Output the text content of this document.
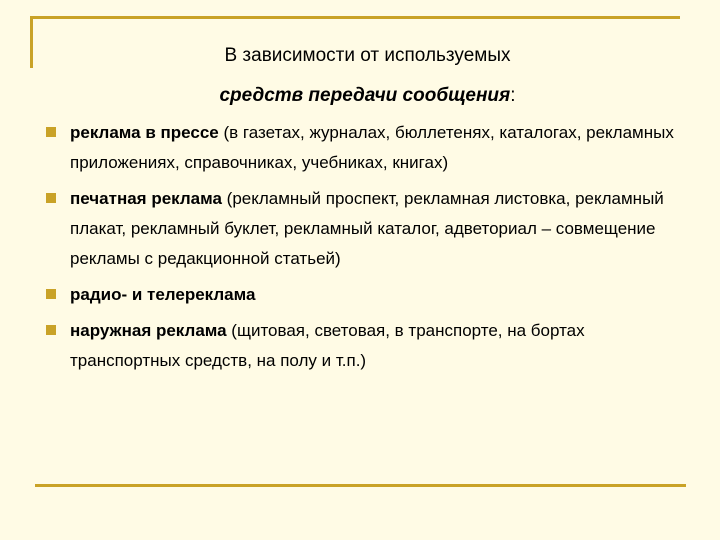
В зависимости от используемых
средств передачи сообщения:
реклама в прессе (в газетах, журналах, бюллетенях, каталогах, рекламных приложениях, справочниках, учебниках, книгах)
печатная реклама (рекламный проспект, рекламная листовка, рекламный плакат, рекламный буклет, рекламный каталог, адветориал – совмещение рекламы с редакционной статьей)
радио- и телереклама
наружная реклама (щитовая, световая, в транспорте, на бортах транспортных средств, на полу и т.п.)
